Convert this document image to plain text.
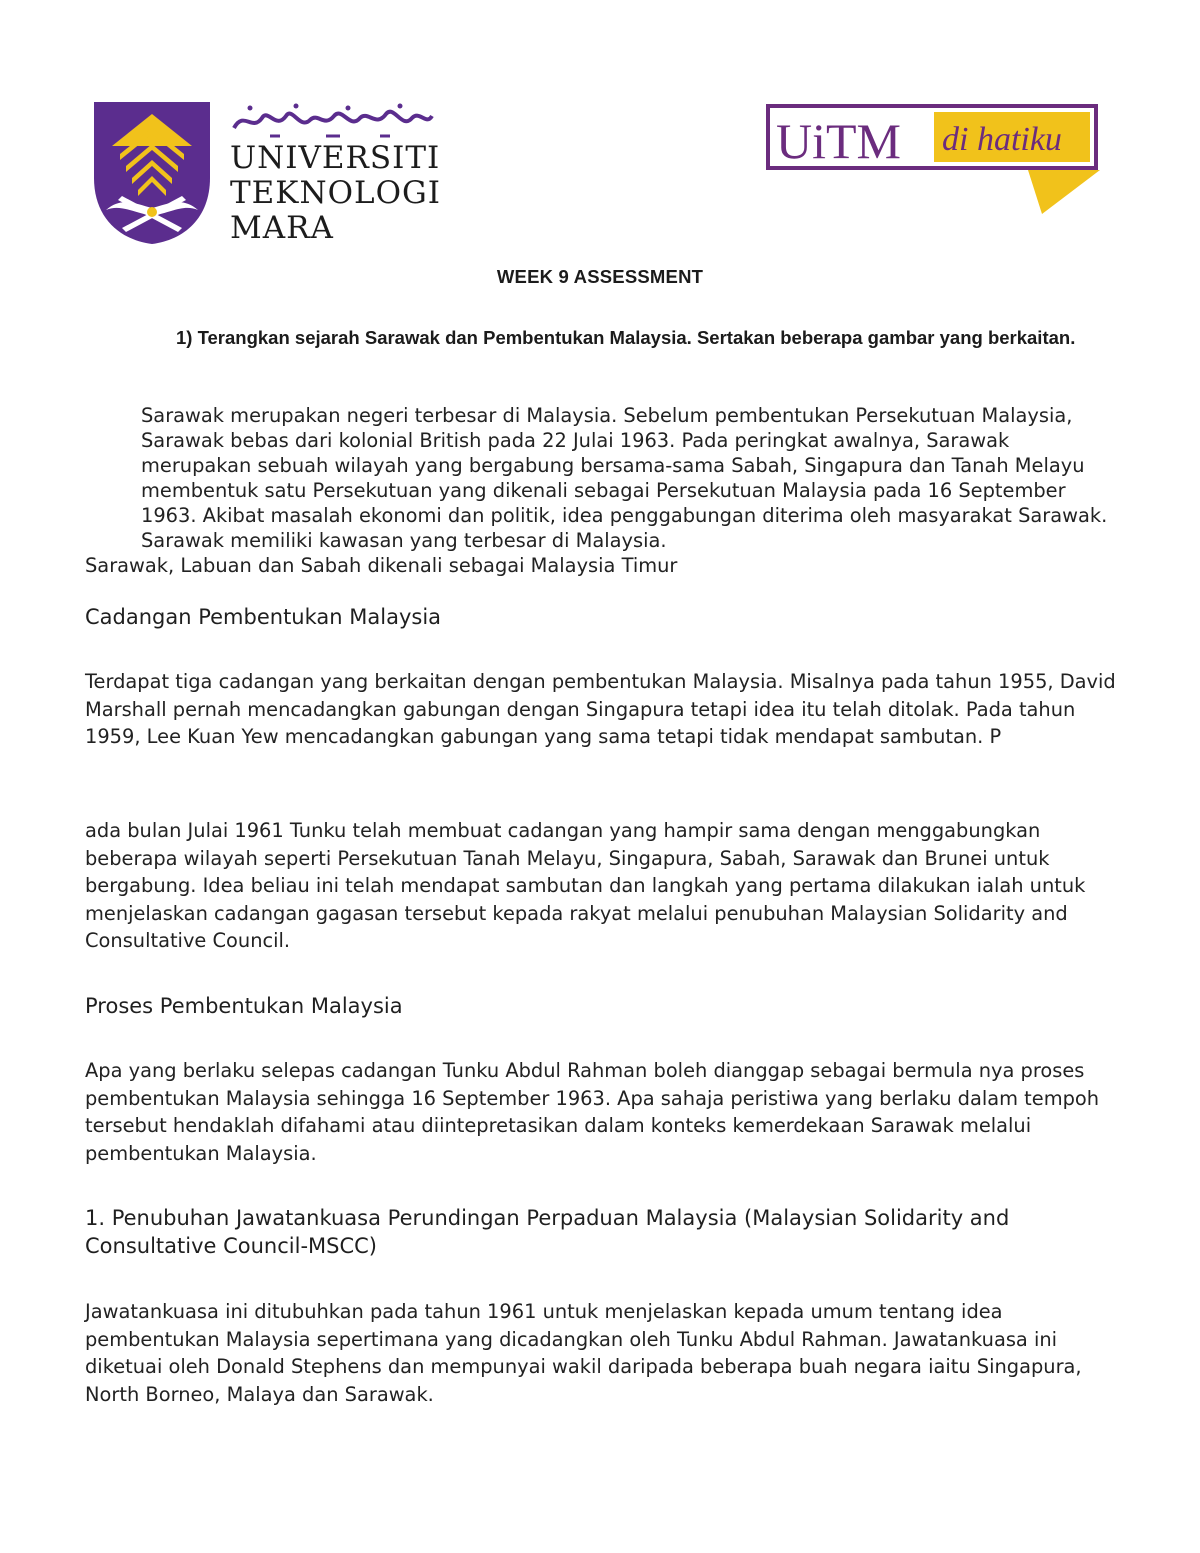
UNIVERSITI
TEKNOLOGI
MARA
UiTM di hatiku
WEEK 9 ASSESSMENT
1) Terangkan sejarah Sarawak dan Pembentukan Malaysia. Sertakan beberapa gambar yang berkaitan.

Sarawak merupakan negeri terbesar di Malaysia. Sebelum pembentukan Persekutuan Malaysia, Sarawak bebas dari kolonial British pada 22 Julai 1963. Pada peringkat awalnya, Sarawak merupakan sebuah wilayah yang bergabung bersama-sama Sabah, Singapura dan Tanah Melayu membentuk satu Persekutuan yang dikenali sebagai Persekutuan Malaysia pada 16 September 1963. Akibat masalah ekonomi dan politik, idea penggabungan diterima oleh masyarakat Sarawak. Sarawak memiliki kawasan yang terbesar di Malaysia.

Sarawak, Labuan dan Sabah dikenali sebagai Malaysia Timur

Cadangan Pembentukan Malaysia
Terdapat tiga cadangan yang berkaitan dengan pembentukan Malaysia. Misalnya pada tahun 1955, David Marshall pernah mencadangkan gabungan dengan Singapura tetapi idea itu telah ditolak. Pada tahun 1959, Lee Kuan Yew mencadangkan gabungan yang sama tetapi tidak mendapat sambutan. P
ada bulan Julai 1961 Tunku telah membuat cadangan yang hampir sama dengan menggabungkan beberapa wilayah seperti Persekutuan Tanah Melayu, Singapura, Sabah, Sarawak dan Brunei untuk bergabung. Idea beliau ini telah mendapat sambutan dan langkah yang pertama dilakukan ialah untuk menjelaskan cadangan gagasan tersebut kepada rakyat melalui penubuhan Malaysian Solidarity and Consultative Council.
Proses Pembentukan Malaysia
Apa yang berlaku selepas cadangan Tunku Abdul Rahman boleh dianggap sebagai bermula nya proses pembentukan Malaysia sehingga 16 September 1963. Apa sahaja peristiwa yang berlaku dalam tempoh tersebut hendaklah difahami atau diintepretasikan dalam konteks kemerdekaan Sarawak melalui pembentukan Malaysia.
1. Penubuhan Jawatankuasa Perundingan Perpaduan Malaysia (Malaysian Solidarity and Consultative Council-MSCC)
Jawatankuasa ini ditubuhkan pada tahun 1961 untuk menjelaskan kepada umum tentang idea pembentukan Malaysia sepertimana yang dicadangkan oleh Tunku Abdul Rahman. Jawatankuasa ini diketuai oleh Donald Stephens dan mempunyai wakil daripada beberapa buah negara iaitu Singapura, North Borneo, Malaya dan Sarawak.
